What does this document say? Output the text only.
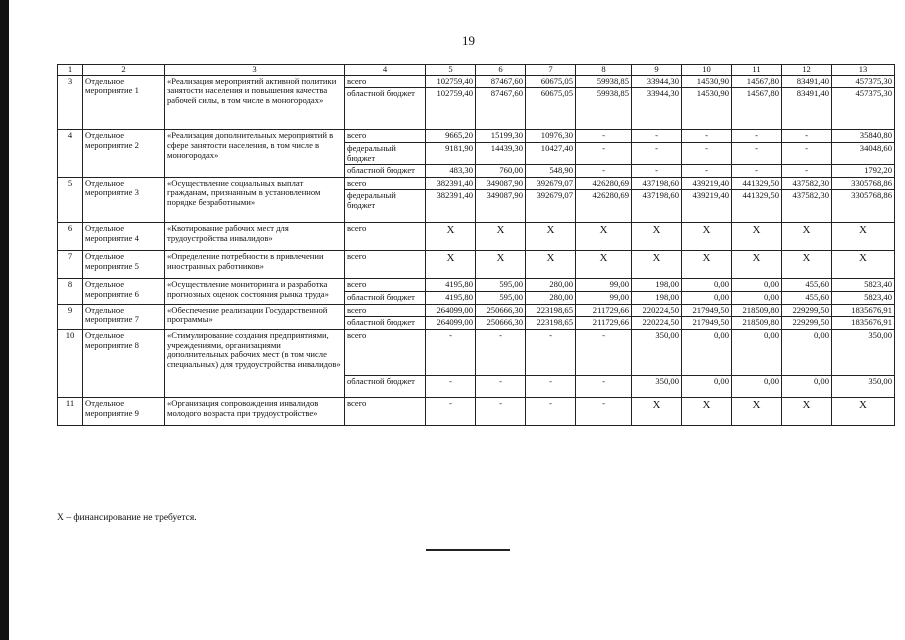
19
1	2	3	4	5	6	7	8	9	10	11	12	13
3	Отдельное мероприятие 1	«Реализация мероприятий активной политики занятости населения и повышения качества рабочей силы, в том числе в моногородах»	всего	102759,40	87467,60	60675,05	59938,85	33944,30	14530,90	14567,80	83491,40	457375,30
			областной бюджет	102759,40	87467,60	60675,05	59938,85	33944,30	14530,90	14567,80	83491,40	457375,30
4	Отдельное мероприятие 2	«Реализация дополнительных мероприятий в сфере занятости населения, в том числе в моногородах»	всего	9665,20	15199,30	10976,30	-	-	-	-	-	35840,80
			федеральный бюджет	9181,90	14439,30	10427,40	-	-	-	-	-	34048,60
			областной бюджет	483,30	760,00	548,90	-	-	-	-	-	1792,20
5	Отдельное мероприятие 3	«Осуществление социальных выплат гражданам, признанным в установленном порядке безработными»	всего	382391,40	349087,90	392679,07	426280,69	437198,60	439219,40	441329,50	437582,30	3305768,86
			федеральный бюджет	382391,40	349087,90	392679,07	426280,69	437198,60	439219,40	441329,50	437582,30	3305768,86
6	Отдельное мероприятие 4	«Квотирование рабочих мест для трудоустройства инвалидов»	всего	X	X	X	X	X	X	X	X	X
7	Отдельное мероприятие 5	«Определение потребности в привлечении иностранных работников»	всего	X	X	X	X	X	X	X	X	X
8	Отдельное мероприятие 6	«Осуществление мониторинга и разработка прогнозных оценок состояния рынка труда»	всего	4195,80	595,00	280,00	99,00	198,00	0,00	0,00	455,60	5823,40
			областной бюджет	4195,80	595,00	280,00	99,00	198,00	0,00	0,00	455,60	5823,40
9	Отдельное мероприятие 7	«Обеспечение реализации Государственной программы»	всего	264099,00	250666,30	223198,65	211729,66	220224,50	217949,50	218509,80	229299,50	1835676,91
			областной бюджет	264099,00	250666,30	223198,65	211729,66	220224,50	217949,50	218509,80	229299,50	1835676,91
10	Отдельное мероприятие 8	«Стимулирование создания предприятиями, учреждениями, организациями дополнительных рабочих мест (в том числе специальных) для трудоустройства инвалидов»	всего	-	-	-	-	350,00	0,00	0,00	0,00	350,00
			областной бюджет	-	-	-	-	350,00	0,00	0,00	0,00	350,00
11	Отдельное мероприятие 9	«Организация сопровождения инвалидов молодого возраста при трудоустройстве»	всего	-	-	-	-	X	X	X	X	X
X – финансирование не требуется.
